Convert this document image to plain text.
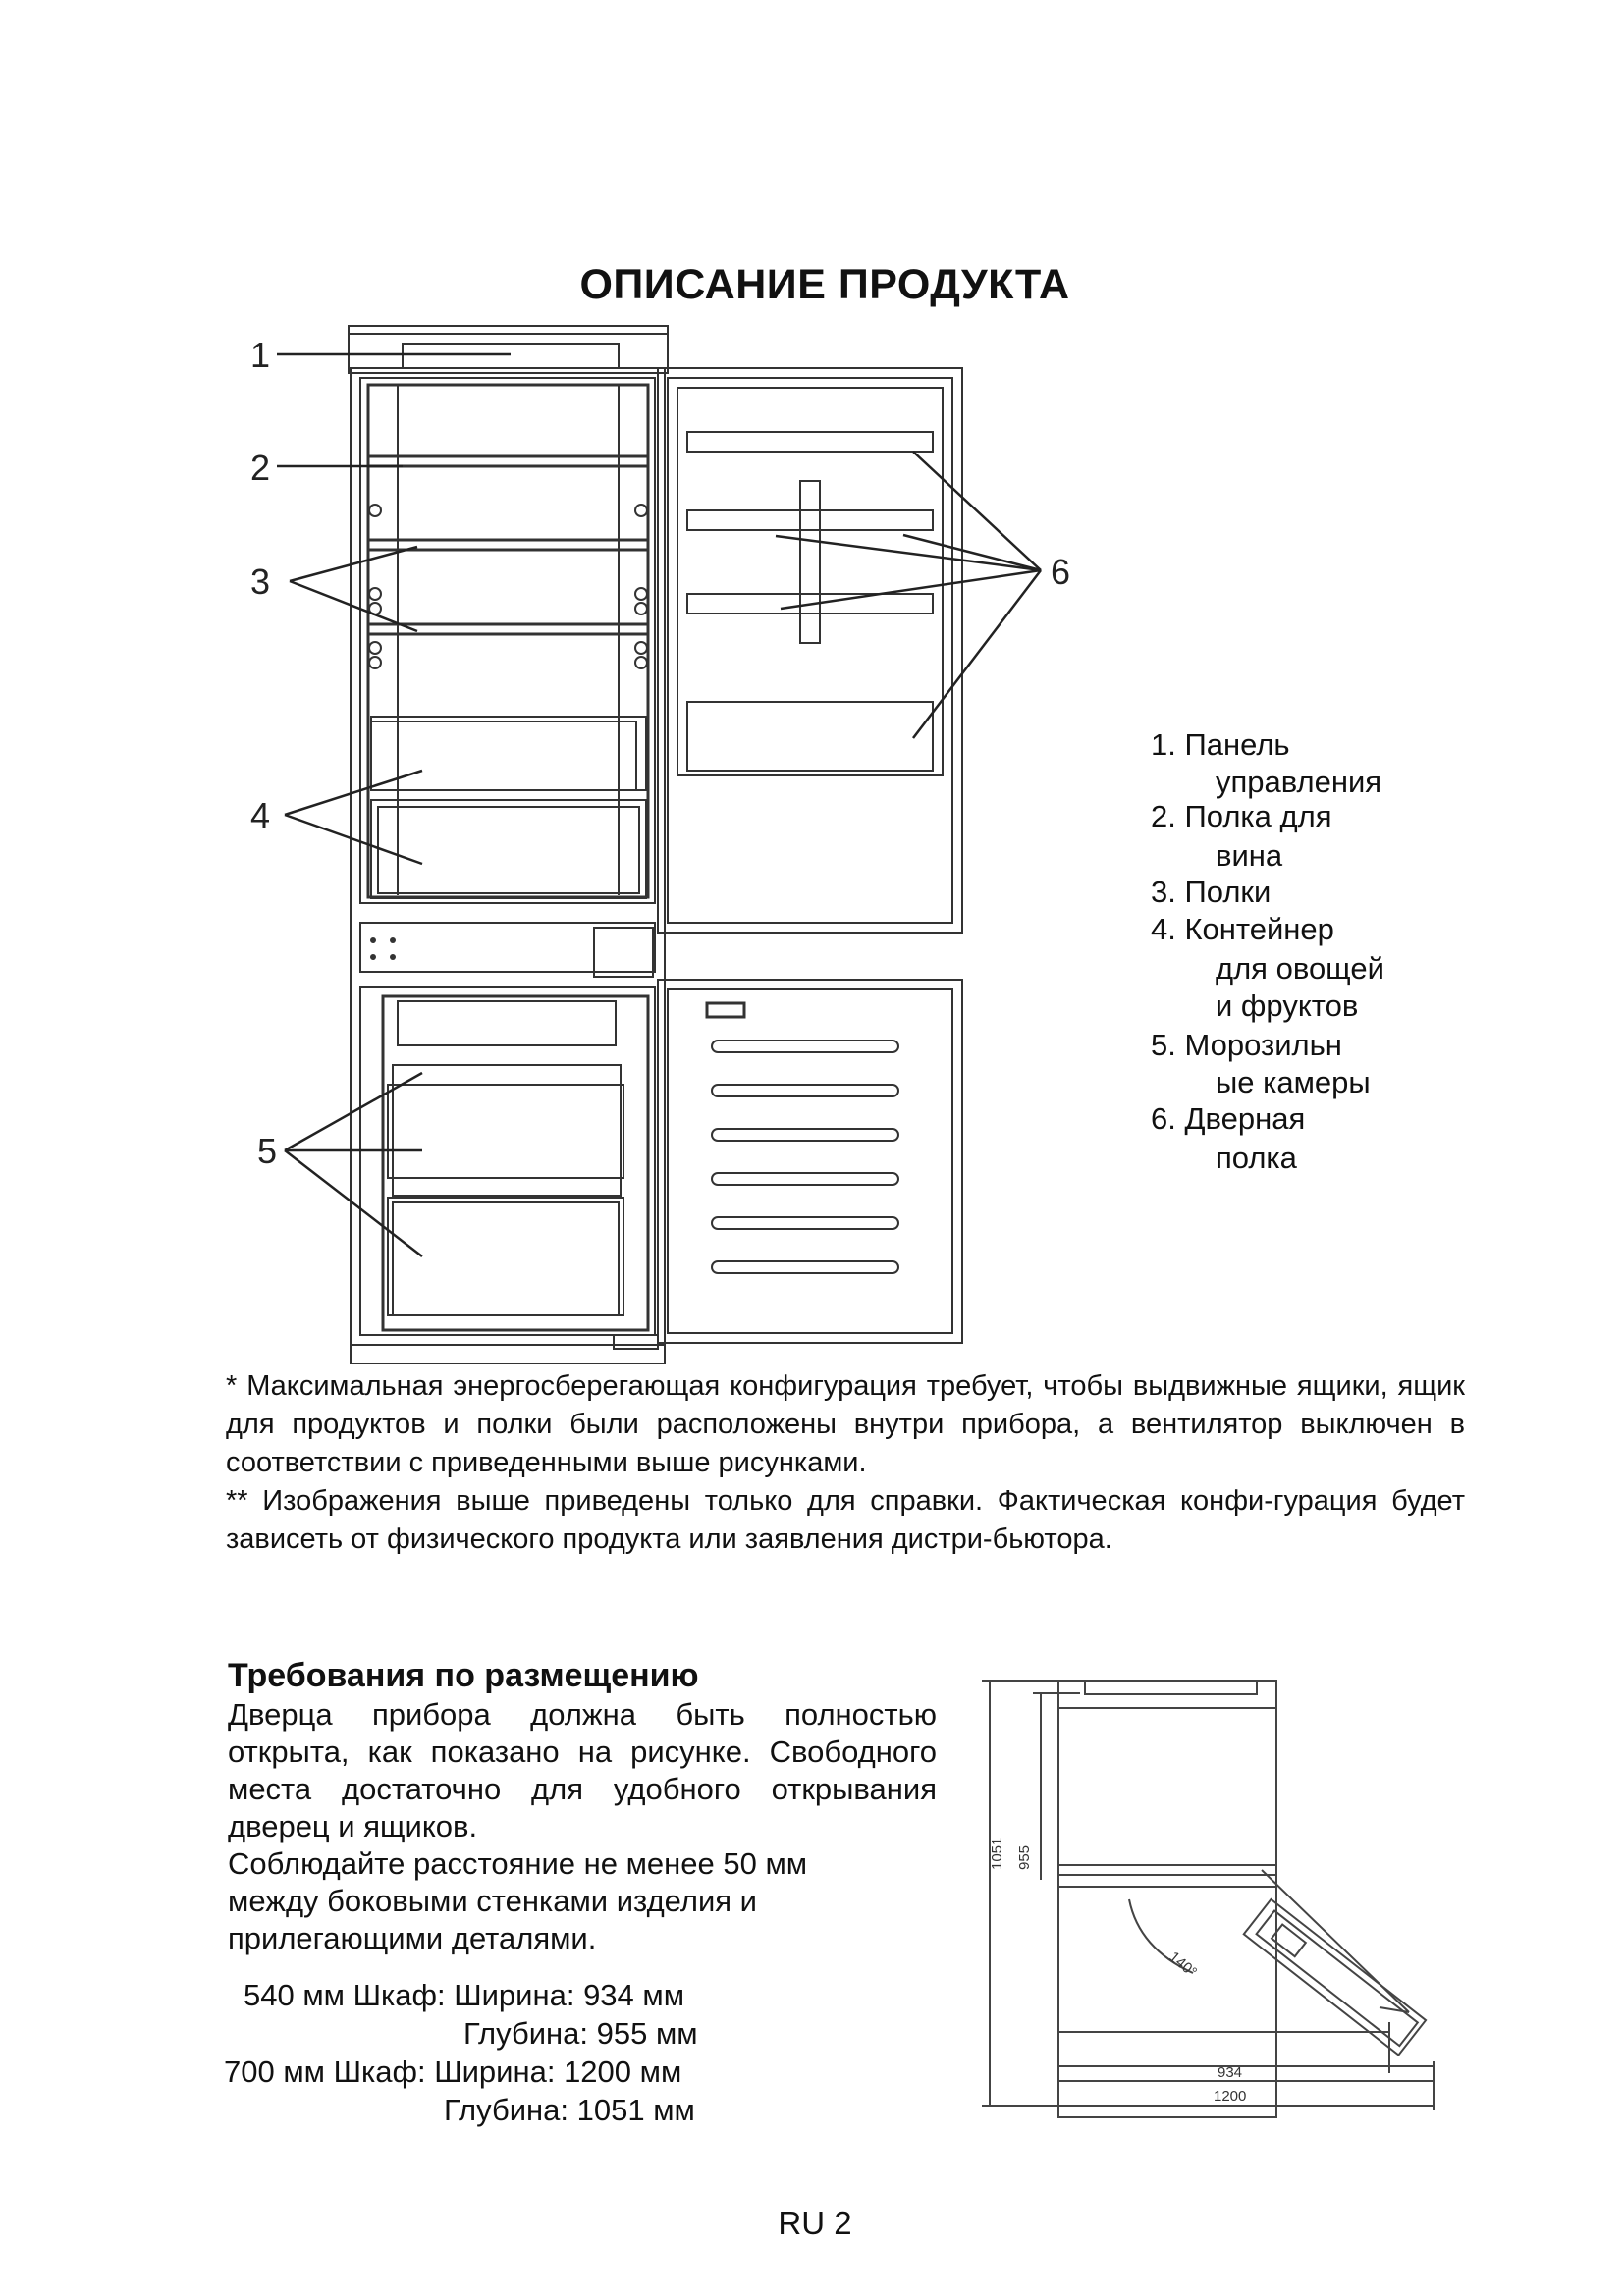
ОПИСАНИЕ ПРОДУКТА
1
2
3
4
5
6
1. Панель
управления
2. Полка для
вина
3. Полки
4. Контейнер
для овощей
и фруктов
5. Морозильн
ые камеры
6. Дверная
полка

* Максимальная энергосберегающая конфигурация требует, чтобы выдвижные ящики, ящик для продуктов и полки были расположены внутри прибора, а вентилятор выключен в соответствии с приведенными выше рисунками.

** Изображения выше приведены только для справки. Фактическая конфи-гурация будет зависеть от физического продукта или заявления дистри-бьютора.

Требования по размещению

Дверца прибора должна быть полностью открыта, как показано на рисунке. Свободного места достаточно для удобного открывания дверец и ящиков.

Соблюдайте расстояние не менее 50 мм между боковыми стенками изделия и прилегающими деталями.

540 мм Шкаф: Ширина: 934 мм
Глубина: 955 мм
700 мм Шкаф: Ширина: 1200 мм
Глубина: 1051 мм
1051 955
140°
934
1200
RU 2
